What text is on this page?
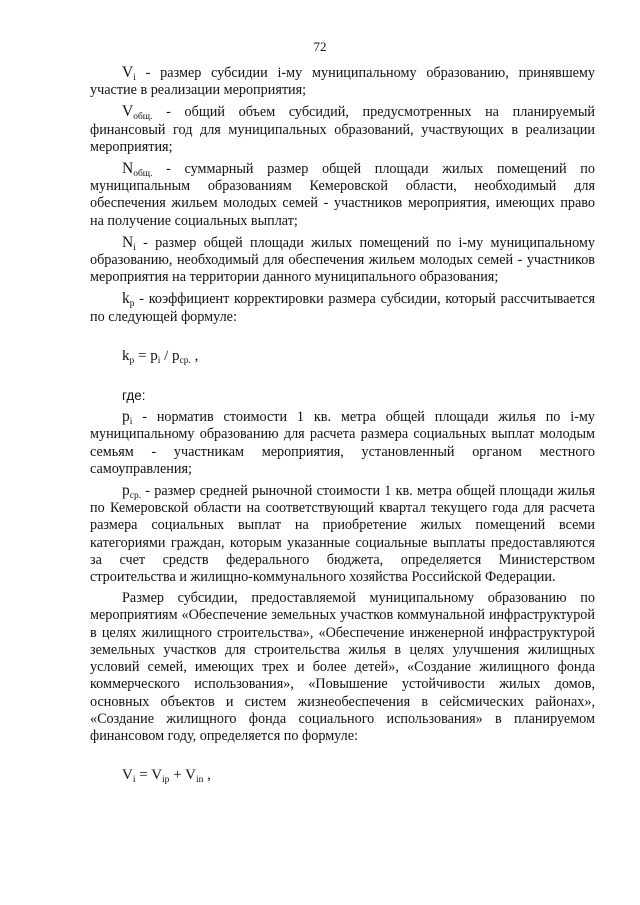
72

$V_i$ - размер субсидии i-му муниципальному образованию, принявшему участие в реализации мероприятия;

$V_{общ.}$ - общий объем субсидий, предусмотренных на планируемый финансовый год для муниципальных образований, участвующих в реализации мероприятия;

$N_{общ.}$ - суммарный размер общей площади жилых помещений по муниципальным образованиям Кемеровской области, необходимый для обеспечения жильем молодых семей - участников мероприятия, имеющих право на получение социальных выплат;

$N_i$ - размер общей площади жилых помещений по i-му муниципальному образованию, необходимый для обеспечения жильем молодых семей - участников мероприятия на территории данного муниципального образования;

$k_p$ - коэффициент корректировки размера субсидии, который рассчитывается по следующей формуле:

$k_p = p_i / p_{ср.}$ ,
где:

$p_i$ - норматив стоимости 1 кв. метра общей площади жилья по i-му муниципальному образованию для расчета размера социальных выплат молодым семьям - участникам мероприятия, установленный органом местного самоуправления;

$p_{ср.}$ - размер средней рыночной стоимости 1 кв. метра общей площади жилья по Кемеровской области на соответствующий квартал текущего года для расчета размера социальных выплат на приобретение жилых помещений всеми категориями граждан, которым указанные социальные выплаты предоставляются за счет средств федерального бюджета, определяется Министерством строительства и жилищно-коммунального хозяйства Российской Федерации.

Размер субсидии, предоставляемой муниципальному образованию по мероприятиям «Обеспечение земельных участков коммунальной инфраструктурой в целях жилищного строительства», «Обеспечение инженерной инфраструктурой земельных участков для строительства жилья в целях улучшения жилищных условий семей, имеющих трех и более детей», «Создание жилищного фонда коммерческого использования», «Повышение устойчивости жилых домов, основных объектов и систем жизнеобеспечения в сейсмических районах», «Создание жилищного фонда социального использования» в планируемом финансовом году, определяется по формуле:

$V_i = V_{ip} + V_{in}$ ,
